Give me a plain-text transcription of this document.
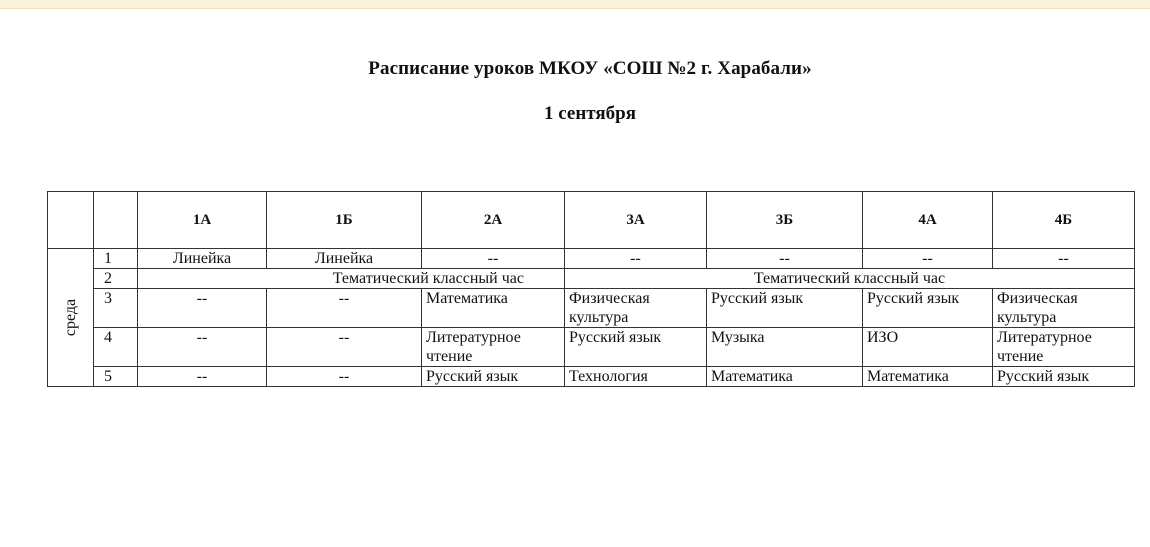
Расписание уроков МКОУ «СОШ №2 г. Харабали»
1 сентября
		1А	1Б	2А	3А	3Б	4А	4Б
среда	1	Линейка	Линейка	--	--	--	--	--
	2	Тематический классный час			Тематический классный час			
	3	--	--	Математика	Физическая культура	Русский язык	Русский язык	Физическая культура
	4	--	--	Литературное чтение	Русский язык	Музыка	ИЗО	Литературное чтение
	5	--	--	Русский язык	Технология	Математика	Математика	Русский язык
